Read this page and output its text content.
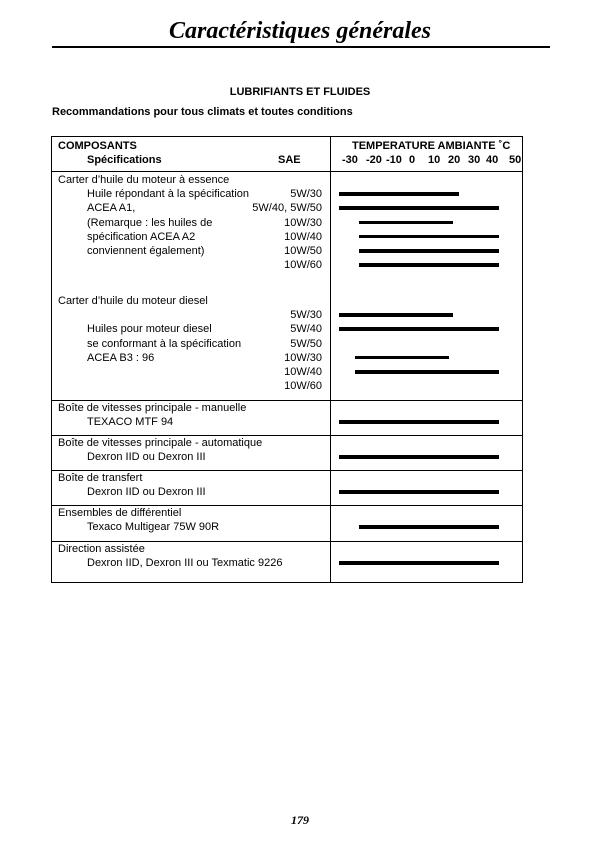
Caractéristiques générales
LUBRIFIANTS ET FLUIDES
Recommandations pour tous climats et toutes conditions
COMPOSANTS
Spécifications	SAE
TEMPERATURE AMBIANTE ˚C
-30 -20 -10 0 10 20 30 40 50
Carter d’huile du moteur à essence
Huile répondant à la spécification
ACEA A1,
(Remarque : les huiles de
spécification ACEA A2
conviennent également)
5W/30
5W/40, 5W/50
10W/30
10W/40
10W/50
10W/60
Carter d’huile du moteur diesel
Huiles pour moteur diesel
se conformant à la spécification
ACEA B3 : 96
5W/30
5W/40
5W/50
10W/30
10W/40
10W/60
Boîte de vitesses principale - manuelle
TEXACO MTF 94
Boîte de vitesses principale - automatique
Dexron IID ou Dexron III
Boîte de transfert
Dexron IID ou Dexron III
Ensembles de différentiel
Texaco Multigear 75W 90R
Direction assistée
Dexron IID, Dexron III ou Texmatic 9226
179
